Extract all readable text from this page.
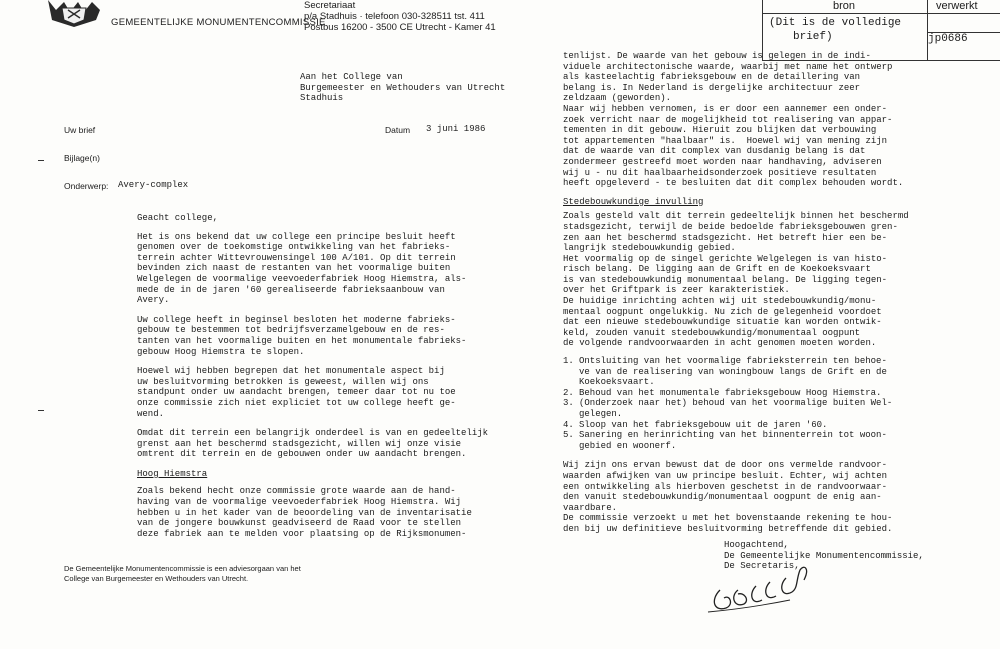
GEMEENTELIJKE MONUMENTENCOMMISSIE
Secretariaat
p/a Stadhuis · telefoon 030-328511 tst. 411
Postbus 16200 - 3500 CE Utrecht - Kamer 41
bron	verwerkt
(Dit is de volledige
brief)	jp0686
Aan het College van
Burgemeester en Wethouders van Utrecht
Stadhuis
Uw brief	Datum 3 juni 1986
Bijlage(n)
Onderwerp: Avery-complex
Geacht college,
Het is ons bekend dat uw college een principe besluit heeft
genomen over de toekomstige ontwikkeling van het fabrieks-
terrein achter Wittevrouwensingel 100 A/101. Op dit terrein
bevinden zich naast de restanten van het voormalige buiten
Welgelegen de voormalige veevoederfabriek Hoog Hiemstra, als-
mede de in de jaren '60 gerealiseerde fabrieksaanbouw van
Avery.
Uw college heeft in beginsel besloten het moderne fabrieks-
gebouw te bestemmen tot bedrijfsverzamelgebouw en de res-
tanten van het voormalige buiten en het monumentale fabrieks-
gebouw Hoog Hiemstra te slopen.
Hoewel wij hebben begrepen dat het monumentale aspect bij
uw besluitvorming betrokken is geweest, willen wij ons
standpunt onder uw aandacht brengen, temeer daar tot nu toe
onze commissie zich niet expliciet tot uw college heeft ge-
wend.
Omdat dit terrein een belangrijk onderdeel is van en gedeeltelijk
grenst aan het beschermd stadsgezicht, willen wij onze visie
omtrent dit terrein en de gebouwen onder uw aandacht brengen.
Hoog Hiemstra
Zoals bekend hecht onze commissie grote waarde aan de hand-
having van de voormalige veevoederfabriek Hoog Hiemstra. Wij
hebben u in het kader van de beoordeling van de inventarisatie
van de jongere bouwkunst geadviseerd de Raad voor te stellen
deze fabriek aan te melden voor plaatsing op de Rijksmonumen-
De Gemeentelijke Monumentencommissie is een adviesorgaan van het
College van Burgemeester en Wethouders van Utrecht.
tenlijst. De waarde van het gebouw is gelegen in de indi-
viduele architectonische waarde, waarbij met name het ontwerp
als kasteelachtig fabrieksgebouw en de detaillering van
belang is. In Nederland is dergelijke architectuur zeer
zeldzaam (geworden).
Naar wij hebben vernomen, is er door een aannemer een onder-
zoek verricht naar de mogelijkheid tot realisering van appar-
tementen in dit gebouw. Hieruit zou blijken dat verbouwing
tot appartementen "haalbaar" is.  Hoewel wij van mening zijn
dat de waarde van dit complex van dusdanig belang is dat
zondermeer gestreefd moet worden naar handhaving, adviseren
wij u - nu dit haalbaarheidsonderzoek positieve resultaten
heeft opgeleverd - te besluiten dat dit complex behouden wordt.
Stedebouwkundige invulling
Zoals gesteld valt dit terrein gedeeltelijk binnen het beschermd
stadsgezicht, terwijl de beide bedoelde fabrieksgebouwen gren-
zen aan het beschermd stadsgezicht. Het betreft hier een be-
langrijk stedebouwkundig gebied.
Het voormalig op de singel gerichte Welgelegen is van histo-
risch belang. De ligging aan de Grift en de Koekoeksvaart
is van stedebouwkundig monumentaal belang. De ligging tegen-
over het Griftpark is zeer karakteristiek.
De huidige inrichting achten wij uit stedebouwkundig/monu-
mentaal oogpunt ongelukkig. Nu zich de gelegenheid voordoet
dat een nieuwe stedebouwkundige situatie kan worden ontwik-
keld, zouden vanuit stedebouwkundig/monumentaal oogpunt
de volgende randvoorwaarden in acht genomen moeten worden.
1. Ontsluiting van het voormalige fabrieksterrein ten behoe-
ve van de realisering van woningbouw langs de Grift en de
Koekoeksvaart.
2. Behoud van het monumentale fabrieksgebouw Hoog Hiemstra.
3. (Onderzoek naar het) behoud van het voormalige buiten Wel-
gelegen.
4. Sloop van het fabrieksgebouw uit de jaren '60.
5. Sanering en herinrichting van het binnenterrein tot woon-
gebied en woonerf.
Wij zijn ons ervan bewust dat de door ons vermelde randvoor-
waarden afwijken van uw principe besluit. Echter, wij achten
een ontwikkeling als hierboven geschetst in de randvoorwaar-
den vanuit stedebouwkundig/monumentaal oogpunt de enig aan-
vaardbare.
De commissie verzoekt u met het bovenstaande rekening te hou-
den bij uw definitieve besluitvorming betreffende dit gebied.
Hoogachtend,
De Gemeentelijke Monumentencommissie,
De Secretaris,
